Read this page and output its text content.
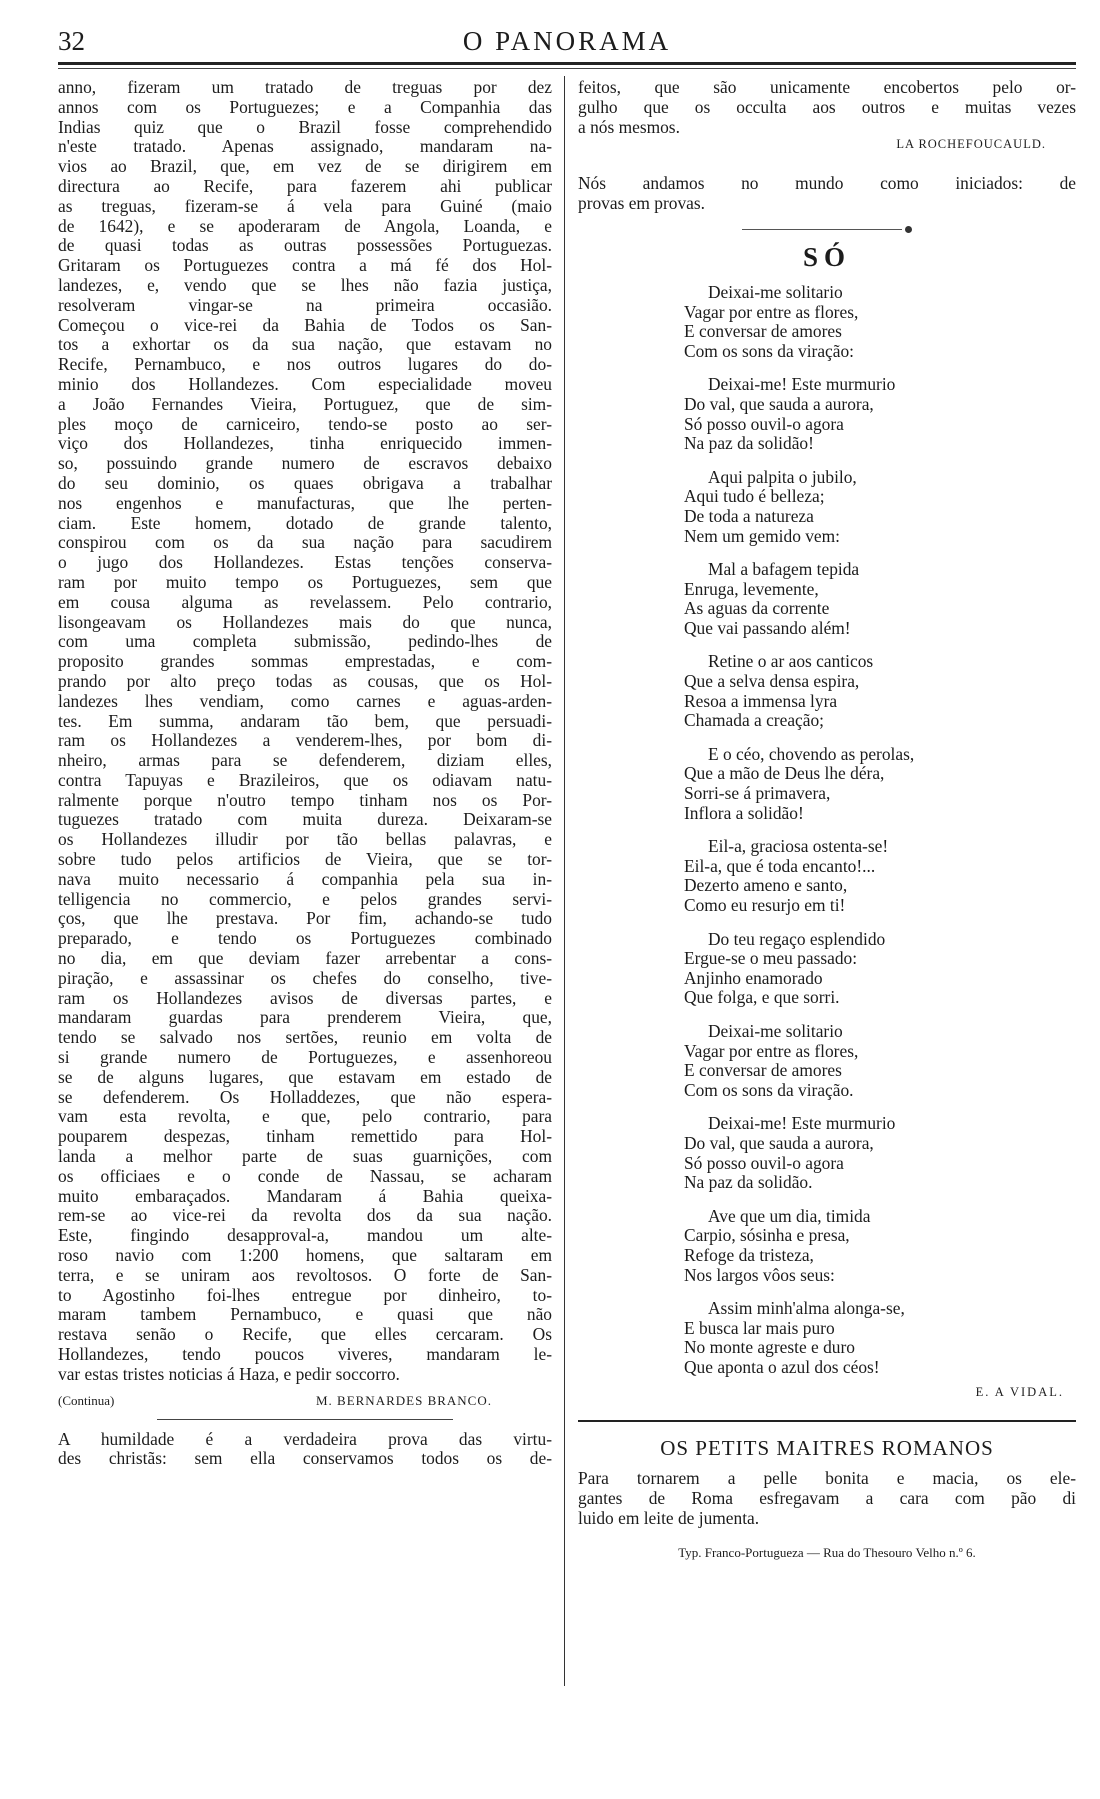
32	O PANORAMA
anno, fizeram um tratado de treguas por dez
annos com os Portuguezes; e a Companhia das
Indias quiz que o Brazil fosse comprehendido
n'este tratado. Apenas assignado, mandaram na-
vios ao Brazil, que, em vez de se dirigirem em
directura ao Recife, para fazerem ahi publicar
as treguas, fizeram-se á vela para Guiné (maio
de 1642), e se apoderaram de Angola, Loanda, e
de quasi todas as outras possessões Portuguezas.
Gritaram os Portuguezes contra a má fé dos Hol-
landezes, e, vendo que se lhes não fazia justiça,
resolveram vingar-se na primeira occasião.
Começou o vice-rei da Bahia de Todos os San-
tos a exhortar os da sua nação, que estavam no
Recife, Pernambuco, e nos outros lugares do do-
minio dos Hollandezes. Com especialidade moveu
a João Fernandes Vieira, Portuguez, que de sim-
ples moço de carniceiro, tendo-se posto ao ser-
viço dos Hollandezes, tinha enriquecido immen-
so, possuindo grande numero de escravos debaixo
do seu dominio, os quaes obrigava a trabalhar
nos engenhos e manufacturas, que lhe perten-
ciam. Este homem, dotado de grande talento,
conspirou com os da sua nação para sacudirem
o jugo dos Hollandezes. Estas tenções conserva-
ram por muito tempo os Portuguezes, sem que
em cousa alguma as revelassem. Pelo contrario,
lisongeavam os Hollandezes mais do que nunca,
com uma completa submissão, pedindo-lhes de
proposito grandes sommas emprestadas, e com-
prando por alto preço todas as cousas, que os Hol-
landezes lhes vendiam, como carnes e aguas-arden-
tes. Em summa, andaram tão bem, que persuadi-
ram os Hollandezes a venderem-lhes, por bom di-
nheiro, armas para se defenderem, diziam elles,
contra Tapuyas e Brazileiros, que os odiavam natu-
ralmente porque n'outro tempo tinham nos os Por-
tuguezes tratado com muita dureza. Deixaram-se
os Hollandezes illudir por tão bellas palavras, e
sobre tudo pelos artificios de Vieira, que se tor-
nava muito necessario á companhia pela sua in-
telligencia no commercio, e pelos grandes servi-
ços, que lhe prestava. Por fim, achando-se tudo
preparado, e tendo os Portuguezes combinado
no dia, em que deviam fazer arrebentar a cons-
piração, e assassinar os chefes do conselho, tive-
ram os Hollandezes avisos de diversas partes, e
mandaram guardas para prenderem Vieira, que,
tendo se salvado nos sertões, reunio em volta de
si grande numero de Portuguezes, e assenhoreou
se de alguns lugares, que estavam em estado de
se defenderem. Os Holladdezes, que não espera-
vam esta revolta, e que, pelo contrario, para
pouparem despezas, tinham remettido para Hol-
landa a melhor parte de suas guarnições, com
os officiaes e o conde de Nassau, se acharam
muito embaraçados. Mandaram á Bahia queixa-
rem-se ao vice-rei da revolta dos da sua nação.
Este, fingindo desapproval-a, mandou um alte-
roso navio com 1:200 homens, que saltaram em
terra, e se uniram aos revoltosos. O forte de San-
to Agostinho foi-lhes entregue por dinheiro, to-
maram tambem Pernambuco, e quasi que não
restava senão o Recife, que elles cercaram. Os
Hollandezes, tendo poucos viveres, mandaram le-
var estas tristes noticias á Haza, e pedir soccorro.
(Continua)	M. BERNARDES BRANCO.
A humildade é a verdadeira prova das virtu-
des christãs: sem ella conservamos todos os de-
feitos, que são unicamente encobertos pelo or-
gulho que os occulta aos outros e muitas vezes
a nós mesmos.
LA ROCHEFOUCAULD.
Nós andamos no mundo como iniciados: de
provas em provas.
SÓ
Deixai-me solitario
Vagar por entre as flores,
E conversar de amores
Com os sons da viração:
Deixai-me! Este murmurio
Do val, que sauda a aurora,
Só posso ouvil-o agora
Na paz da solidão!
Aqui palpita o jubilo,
Aqui tudo é belleza;
De toda a natureza
Nem um gemido vem:
Mal a bafagem tepida
Enruga, levemente,
As aguas da corrente
Que vai passando além!
Retine o ar aos canticos
Que a selva densa espira,
Resoa a immensa lyra
Chamada a creação;
E o céo, chovendo as perolas,
Que a mão de Deus lhe déra,
Sorri-se á primavera,
Inflora a solidão!
Eil-a, graciosa ostenta-se!
Eil-a, que é toda encanto!...
Dezerto ameno e santo,
Como eu resurjo em ti!
Do teu regaço esplendido
Ergue-se o meu passado:
Anjinho enamorado
Que folga, e que sorri.
Deixai-me solitario
Vagar por entre as flores,
E conversar de amores
Com os sons da viração.
Deixai-me! Este murmurio
Do val, que sauda a aurora,
Só posso ouvil-o agora
Na paz da solidão.
Ave que um dia, timida
Carpio, sósinha e presa,
Refoge da tristeza,
Nos largos vôos seus:
Assim minh'alma alonga-se,
E busca lar mais puro
No monte agreste e duro
Que aponta o azul dos céos!
E. A VIDAL.
OS PETITS MAITRES ROMANOS
Para tornarem a pelle bonita e macia, os ele-
gantes de Roma esfregavam a cara com pão di
luido em leite de jumenta.
Typ. Franco-Portugueza — Rua do Thesouro Velho n.º 6.
